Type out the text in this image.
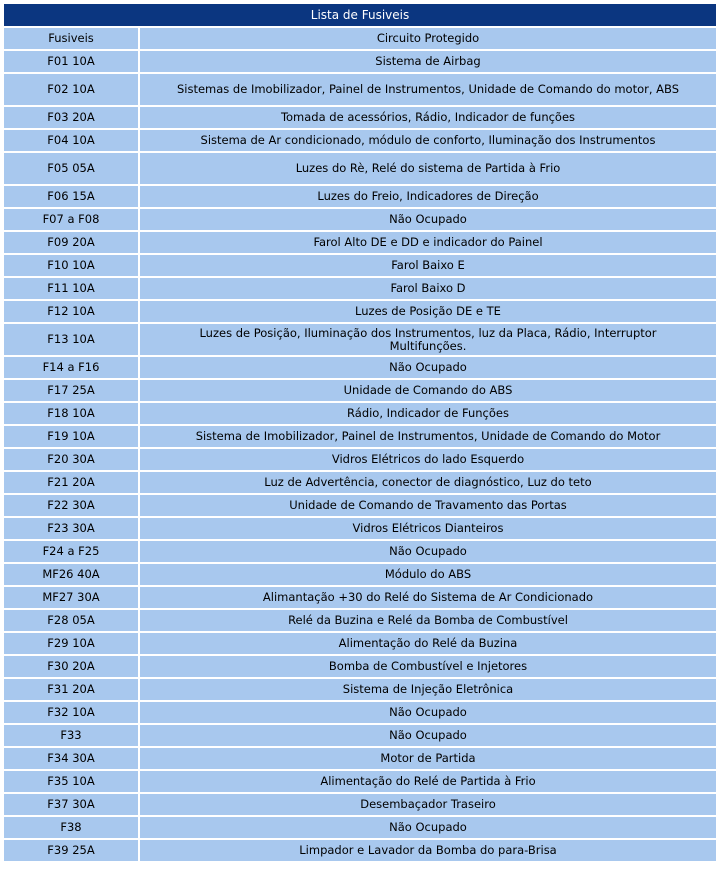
Lista de Fusiveis	
Fusiveis	Circuito Protegido
F01 10A	Sistema de Airbag
F02 10A	Sistemas de Imobilizador, Painel de Instrumentos, Unidade de Comando do motor, ABS
F03 20A	Tomada de acessórios, Rádio, Indicador de funções
F04 10A	Sistema de Ar condicionado, módulo de conforto, Iluminação dos Instrumentos
F05 05A	Luzes do Rè, Relé do sistema de Partida à Frio
F06 15A	Luzes do Freio, Indicadores de Direção
F07 a F08	Não Ocupado
F09 20A	Farol Alto DE e DD e indicador do Painel
F10 10A	Farol Baixo E
F11 10A	Farol Baixo D
F12 10A	Luzes de Posição DE e TE
F13 10A	Luzes de Posição, Iluminação dos Instrumentos, luz da Placa, Rádio, Interruptor Multifunções.
F14 a F16	Não Ocupado
F17 25A	Unidade de Comando do ABS
F18 10A	Rádio, Indicador de Funções
F19 10A	Sistema de Imobilizador, Painel de Instrumentos, Unidade de Comando do Motor
F20 30A	Vidros Elétricos do lado Esquerdo
F21 20A	Luz de Advertência, conector de diagnóstico, Luz do teto
F22 30A	Unidade de Comando de Travamento das Portas
F23 30A	Vidros Elétricos Dianteiros
F24 a F25	Não Ocupado
MF26 40A	Módulo do ABS
MF27 30A	Alimantação +30 do Relé do Sistema de Ar Condicionado
F28 05A	Relé da Buzina e Relé da Bomba de Combustível
F29 10A	Alimentação do Relé da Buzina
F30 20A	Bomba de Combustível e Injetores
F31 20A	Sistema de Injeção Eletrônica
F32 10A	Não Ocupado
F33	Não Ocupado
F34 30A	Motor de Partida
F35 10A	Alimentação do Relé de Partida à Frio
F37 30A	Desembaçador Traseiro
F38	Não Ocupado
F39 25A	Limpador e Lavador da Bomba do para-Brisa
